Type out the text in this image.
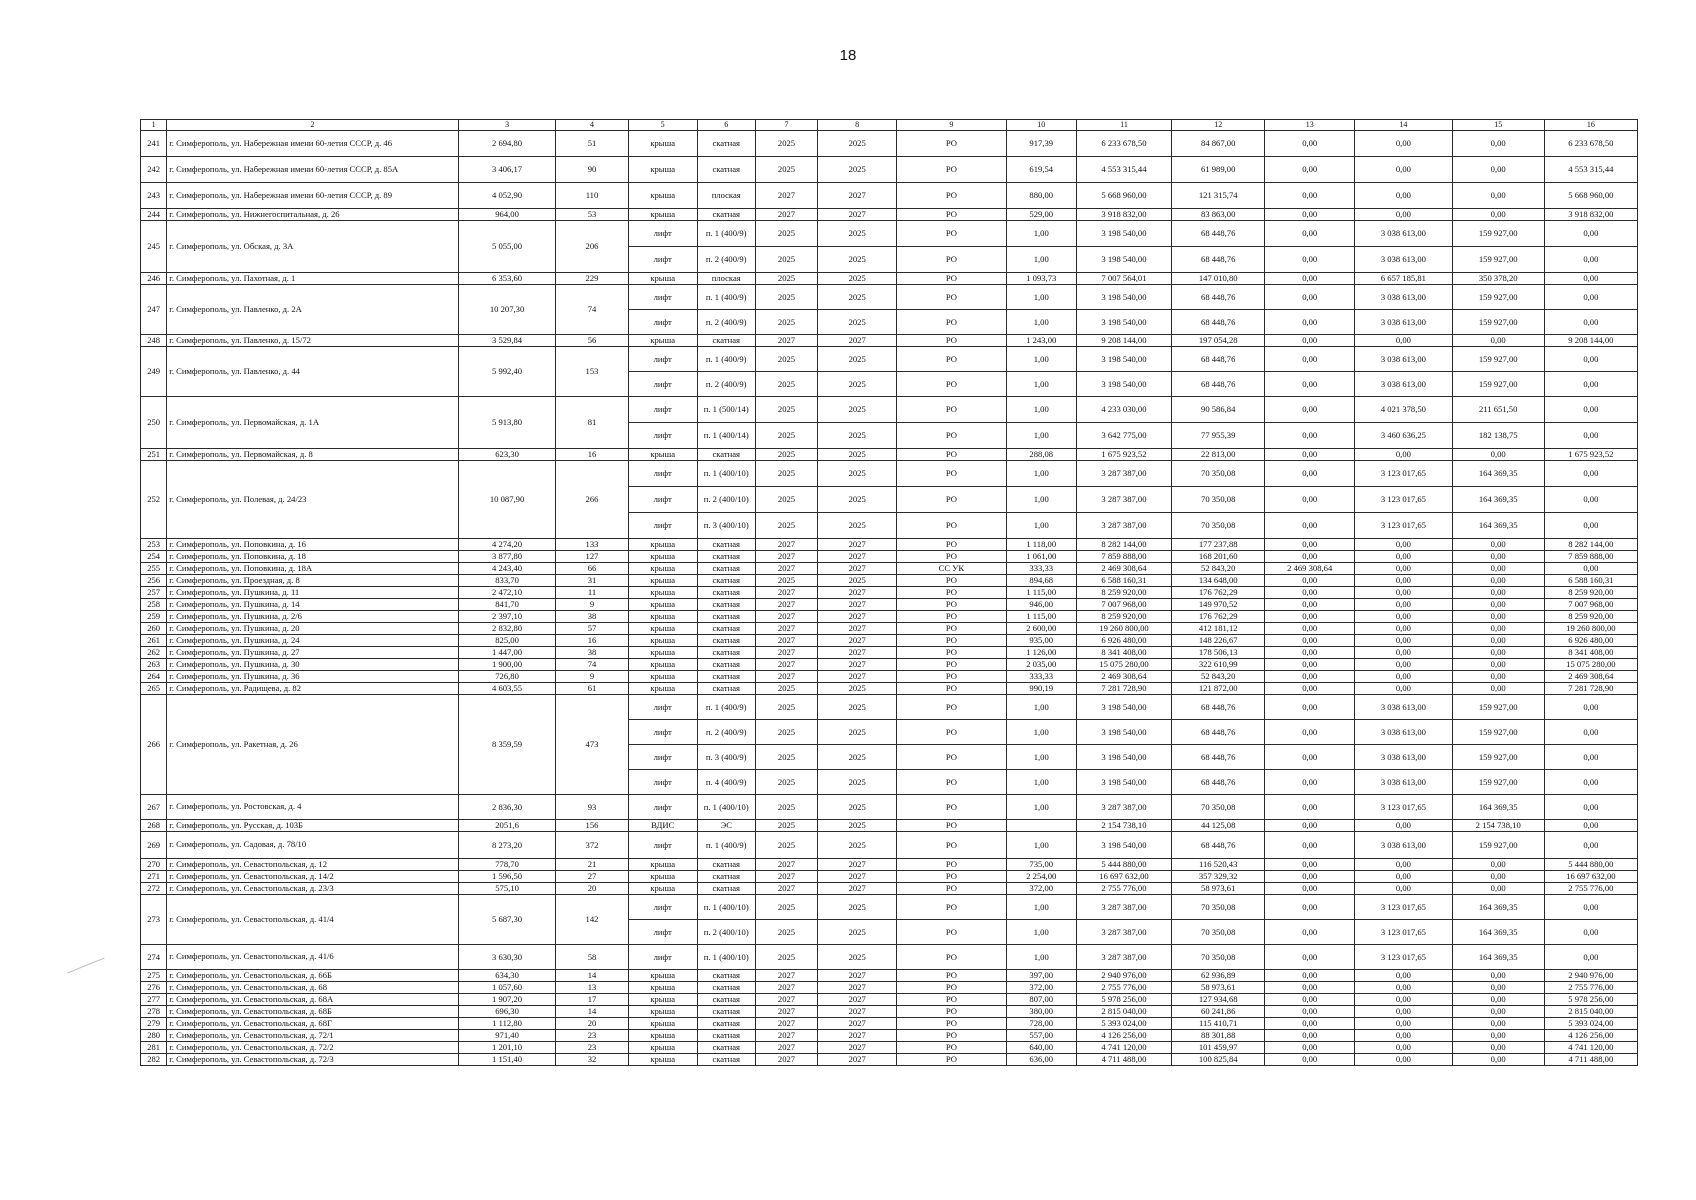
18
1	2	3	4	5	6	7	8	9	10	11	12	13	14	15	16
241	г. Симферополь, ул. Набережная имени 60-летия СССР, д. 46	2 694,80	51	крыша	скатная	2025	2025	РО	917,39	6 233 678,50	84 867,00	0,00	0,00	0,00	6 233 678,50
242	г. Симферополь, ул. Набережная имени 60-летия СССР, д. 85А	3 406,17	90	крыша	скатная	2025	2025	РО	619,54	4 553 315,44	61 989,00	0,00	0,00	0,00	4 553 315,44
243	г. Симферополь, ул. Набережная имени 60-летия СССР, д. 89	4 052,90	110	крыша	плоская	2027	2027	РО	880,00	5 668 960,00	121 315,74	0,00	0,00	0,00	5 668 960,00
244	г. Симферополь, ул. Нижнегоспитальная, д. 26	964,00	53	крыша	скатная	2027	2027	РО	529,00	3 918 832,00	83 863,00	0,00	0,00	0,00	3 918 832,00
245	г. Симферополь, ул. Обская, д. 3А	5 055,00	206	лифт	п. 1 (400/9)	2025	2025	РО	1,00	3 198 540,00	68 448,76	0,00	3 038 613,00	159 927,00	0,00
				лифт	п. 2 (400/9)	2025	2025	РО	1,00	3 198 540,00	68 448,76	0,00	3 038 613,00	159 927,00	0,00
246	г. Симферополь, ул. Пахотная, д. 1	6 353,60	229	крыша	плоская	2025	2025	РО	1 093,73	7 007 564,01	147 010,80	0,00	6 657 185,81	350 378,20	0,00
247	г. Симферополь, ул. Павленко, д. 2А	10 207,30	74	лифт	п. 1 (400/9)	2025	2025	РО	1,00	3 198 540,00	68 448,76	0,00	3 038 613,00	159 927,00	0,00
				лифт	п. 2 (400/9)	2025	2025	РО	1,00	3 198 540,00	68 448,76	0,00	3 038 613,00	159 927,00	0,00
248	г. Симферополь, ул. Павленко, д. 15/72	3 529,84	56	крыша	скатная	2027	2027	РО	1 243,00	9 208 144,00	197 054,28	0,00	0,00	0,00	9 208 144,00
249	г. Симферополь, ул. Павленко, д. 44	5 992,40	153	лифт	п. 1 (400/9)	2025	2025	РО	1,00	3 198 540,00	68 448,76	0,00	3 038 613,00	159 927,00	0,00
				лифт	п. 2 (400/9)	2025	2025	РО	1,00	3 198 540,00	68 448,76	0,00	3 038 613,00	159 927,00	0,00
250	г. Симферополь, ул. Первомайская, д. 1А	5 913,80	81	лифт	п. 1 (500/14)	2025	2025	РО	1,00	4 233 030,00	90 586,84	0,00	4 021 378,50	211 651,50	0,00
				лифт	п. 1 (400/14)	2025	2025	РО	1,00	3 642 775,00	77 955,39	0,00	3 460 636,25	182 138,75	0,00
251	г. Симферополь, ул. Первомайская, д. 8	623,30	16	крыша	скатная	2025	2025	РО	288,08	1 675 923,52	22 813,00	0,00	0,00	0,00	1 675 923,52
252	г. Симферополь, ул. Полевая, д. 24/23	10 087,90	266	лифт	п. 1 (400/10)	2025	2025	РО	1,00	3 287 387,00	70 350,08	0,00	3 123 017,65	164 369,35	0,00
				лифт	п. 2 (400/10)	2025	2025	РО	1,00	3 287 387,00	70 350,08	0,00	3 123 017,65	164 369,35	0,00
				лифт	п. 3 (400/10)	2025	2025	РО	1,00	3 287 387,00	70 350,08	0,00	3 123 017,65	164 369,35	0,00
253	г. Симферополь, ул. Поповкина, д. 16	4 274,20	133	крыша	скатная	2027	2027	РО	1 118,00	8 282 144,00	177 237,88	0,00	0,00	0,00	8 282 144,00
254	г. Симферополь, ул. Поповкина, д. 18	3 877,80	127	крыша	скатная	2027	2027	РО	1 061,00	7 859 888,00	168 201,60	0,00	0,00	0,00	7 859 888,00
255	г. Симферополь, ул. Поповкина, д. 18А	4 243,40	66	крыша	скатная	2027	2027	СС УК	333,33	2 469 308,64	52 843,20	2 469 308,64	0,00	0,00	0,00
256	г. Симферополь, ул. Проездная, д. 8	833,70	31	крыша	скатная	2025	2025	РО	894,68	6 588 160,31	134 648,00	0,00	0,00	0,00	6 588 160,31
257	г. Симферополь, ул. Пушкина, д. 11	2 472,10	11	крыша	скатная	2027	2027	РО	1 115,00	8 259 920,00	176 762,29	0,00	0,00	0,00	8 259 920,00
258	г. Симферополь, ул. Пушкина, д. 14	841,70	9	крыша	скатная	2027	2027	РО	946,00	7 007 968,00	149 970,52	0,00	0,00	0,00	7 007 968,00
259	г. Симферополь, ул. Пушкина, д. 2/6	2 397,10	38	крыша	скатная	2027	2027	РО	1 115,00	8 259 920,00	176 762,29	0,00	0,00	0,00	8 259 920,00
260	г. Симферополь, ул. Пушкина, д. 20	2 832,80	57	крыша	скатная	2027	2027	РО	2 600,00	19 260 800,00	412 181,12	0,00	0,00	0,00	19 260 800,00
261	г. Симферополь, ул. Пушкина, д. 24	825,00	16	крыша	скатная	2027	2027	РО	935,00	6 926 480,00	148 226,67	0,00	0,00	0,00	6 926 480,00
262	г. Симферополь, ул. Пушкина, д. 27	1 447,00	38	крыша	скатная	2027	2027	РО	1 126,00	8 341 408,00	178 506,13	0,00	0,00	0,00	8 341 408,00
263	г. Симферополь, ул. Пушкина, д. 30	1 900,00	74	крыша	скатная	2027	2027	РО	2 035,00	15 075 280,00	322 610,99	0,00	0,00	0,00	15 075 280,00
264	г. Симферополь, ул. Пушкина, д. 36	726,80	9	крыша	скатная	2027	2027	РО	333,33	2 469 308,64	52 843,20	0,00	0,00	0,00	2 469 308,64
265	г. Симферополь, ул. Радищева, д. 82	4 603,55	61	крыша	скатная	2025	2025	РО	990,19	7 281 728,90	121 872,00	0,00	0,00	0,00	7 281 728,90
266	г. Симферополь, ул. Ракетная, д. 26	8 359,59	473	лифт	п. 1 (400/9)	2025	2025	РО	1,00	3 198 540,00	68 448,76	0,00	3 038 613,00	159 927,00	0,00
				лифт	п. 2 (400/9)	2025	2025	РО	1,00	3 198 540,00	68 448,76	0,00	3 038 613,00	159 927,00	0,00
				лифт	п. 3 (400/9)	2025	2025	РО	1,00	3 198 540,00	68 448,76	0,00	3 038 613,00	159 927,00	0,00
				лифт	п. 4 (400/9)	2025	2025	РО	1,00	3 198 540,00	68 448,76	0,00	3 038 613,00	159 927,00	0,00
267	г. Симферополь, ул. Ростовская, д. 4	2 836,30	93	лифт	п. 1 (400/10)	2025	2025	РО	1,00	3 287 387,00	70 350,08	0,00	3 123 017,65	164 369,35	0,00
268	г. Симферополь, ул. Русская, д. 103Б	2051,6	156	ВДИС	ЭС	2025	2025	РО		2 154 738,10	44 125,08	0,00	0,00	2 154 738,10	0,00
269	г. Симферополь, ул. Садовая, д. 78/10	8 273,20	372	лифт	п. 1 (400/9)	2025	2025	РО	1,00	3 198 540,00	68 448,76	0,00	3 038 613,00	159 927,00	0,00
270	г. Симферополь, ул. Севастопольская, д. 12	778,70	21	крыша	скатная	2027	2027	РО	735,00	5 444 880,00	116 520,43	0,00	0,00	0,00	5 444 880,00
271	г. Симферополь, ул. Севастопольская, д. 14/2	1 596,50	27	крыша	скатная	2027	2027	РО	2 254,00	16 697 632,00	357 329,32	0,00	0,00	0,00	16 697 632,00
272	г. Симферополь, ул. Севастопольская, д. 23/3	575,10	20	крыша	скатная	2027	2027	РО	372,00	2 755 776,00	58 973,61	0,00	0,00	0,00	2 755 776,00
273	г. Симферополь, ул. Севастопольская, д. 41/4	5 687,30	142	лифт	п. 1 (400/10)	2025	2025	РО	1,00	3 287 387,00	70 350,08	0,00	3 123 017,65	164 369,35	0,00
				лифт	п. 2 (400/10)	2025	2025	РО	1,00	3 287 387,00	70 350,08	0,00	3 123 017,65	164 369,35	0,00
274	г. Симферополь, ул. Севастопольская, д. 41/6	3 630,30	58	лифт	п. 1 (400/10)	2025	2025	РО	1,00	3 287 387,00	70 350,08	0,00	3 123 017,65	164 369,35	0,00
275	г. Симферополь, ул. Севастопольская, д. 66Б	634,30	14	крыша	скатная	2027	2027	РО	397,00	2 940 976,00	62 936,89	0,00	0,00	0,00	2 940 976,00
276	г. Симферополь, ул. Севастопольская, д. 68	1 057,60	13	крыша	скатная	2027	2027	РО	372,00	2 755 776,00	58 973,61	0,00	0,00	0,00	2 755 776,00
277	г. Симферополь, ул. Севастопольская, д. 68А	1 907,20	17	крыша	скатная	2027	2027	РО	807,00	5 978 256,00	127 934,68	0,00	0,00	0,00	5 978 256,00
278	г. Симферополь, ул. Севастопольская, д. 68Б	696,30	14	крыша	скатная	2027	2027	РО	380,00	2 815 040,00	60 241,86	0,00	0,00	0,00	2 815 040,00
279	г. Симферополь, ул. Севастопольская, д. 68Г	1 112,80	20	крыша	скатная	2027	2027	РО	728,00	5 393 024,00	115 410,71	0,00	0,00	0,00	5 393 024,00
280	г. Симферополь, ул. Севастопольская, д. 72/1	971,40	23	крыша	скатная	2027	2027	РО	557,00	4 126 256,00	88 301,88	0,00	0,00	0,00	4 126 256,00
281	г. Симферополь, ул. Севастопольская, д. 72/2	1 201,10	23	крыша	скатная	2027	2027	РО	640,00	4 741 120,00	101 459,97	0,00	0,00	0,00	4 741 120,00
282	г. Симферополь, ул. Севастопольская, д. 72/3	1 151,40	32	крыша	скатная	2027	2027	РО	636,00	4 711 488,00	100 825,84	0,00	0,00	0,00	4 711 488,00
